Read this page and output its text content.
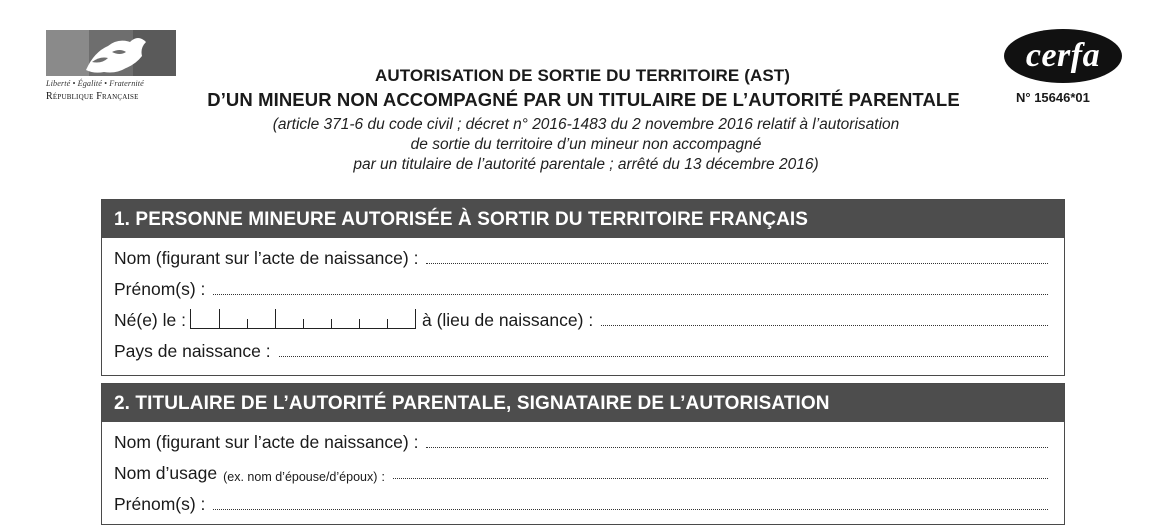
Liberté • Égalité • Fraternité
République Française
AUTORISATION DE SORTIE DU TERRITOIRE (AST)
D’UN MINEUR NON ACCOMPAGNÉ PAR UN TITULAIRE DE L’AUTORITÉ PARENTALE
(article 371-6 du code civil ; décret n° 2016-1483 du 2 novembre 2016 relatif à l’autorisation
de sortie du territoire d’un mineur non accompagné
par un titulaire de l’autorité parentale ; arrêté du 13 décembre 2016)
cerfa
N° 15646*01
1. PERSONNE MINEURE AUTORISÉE À SORTIR DU TERRITOIRE FRANÇAIS
Nom (figurant sur l’acte de naissance) :
Prénom(s) :
Né(e) le :	à (lieu de naissance) :
Pays de naissance :
2. TITULAIRE DE L’AUTORITÉ PARENTALE, SIGNATAIRE DE L’AUTORISATION
Nom (figurant sur l’acte de naissance) :
Nom d’usage (ex. nom d’épouse/d’époux) :
Prénom(s) :
